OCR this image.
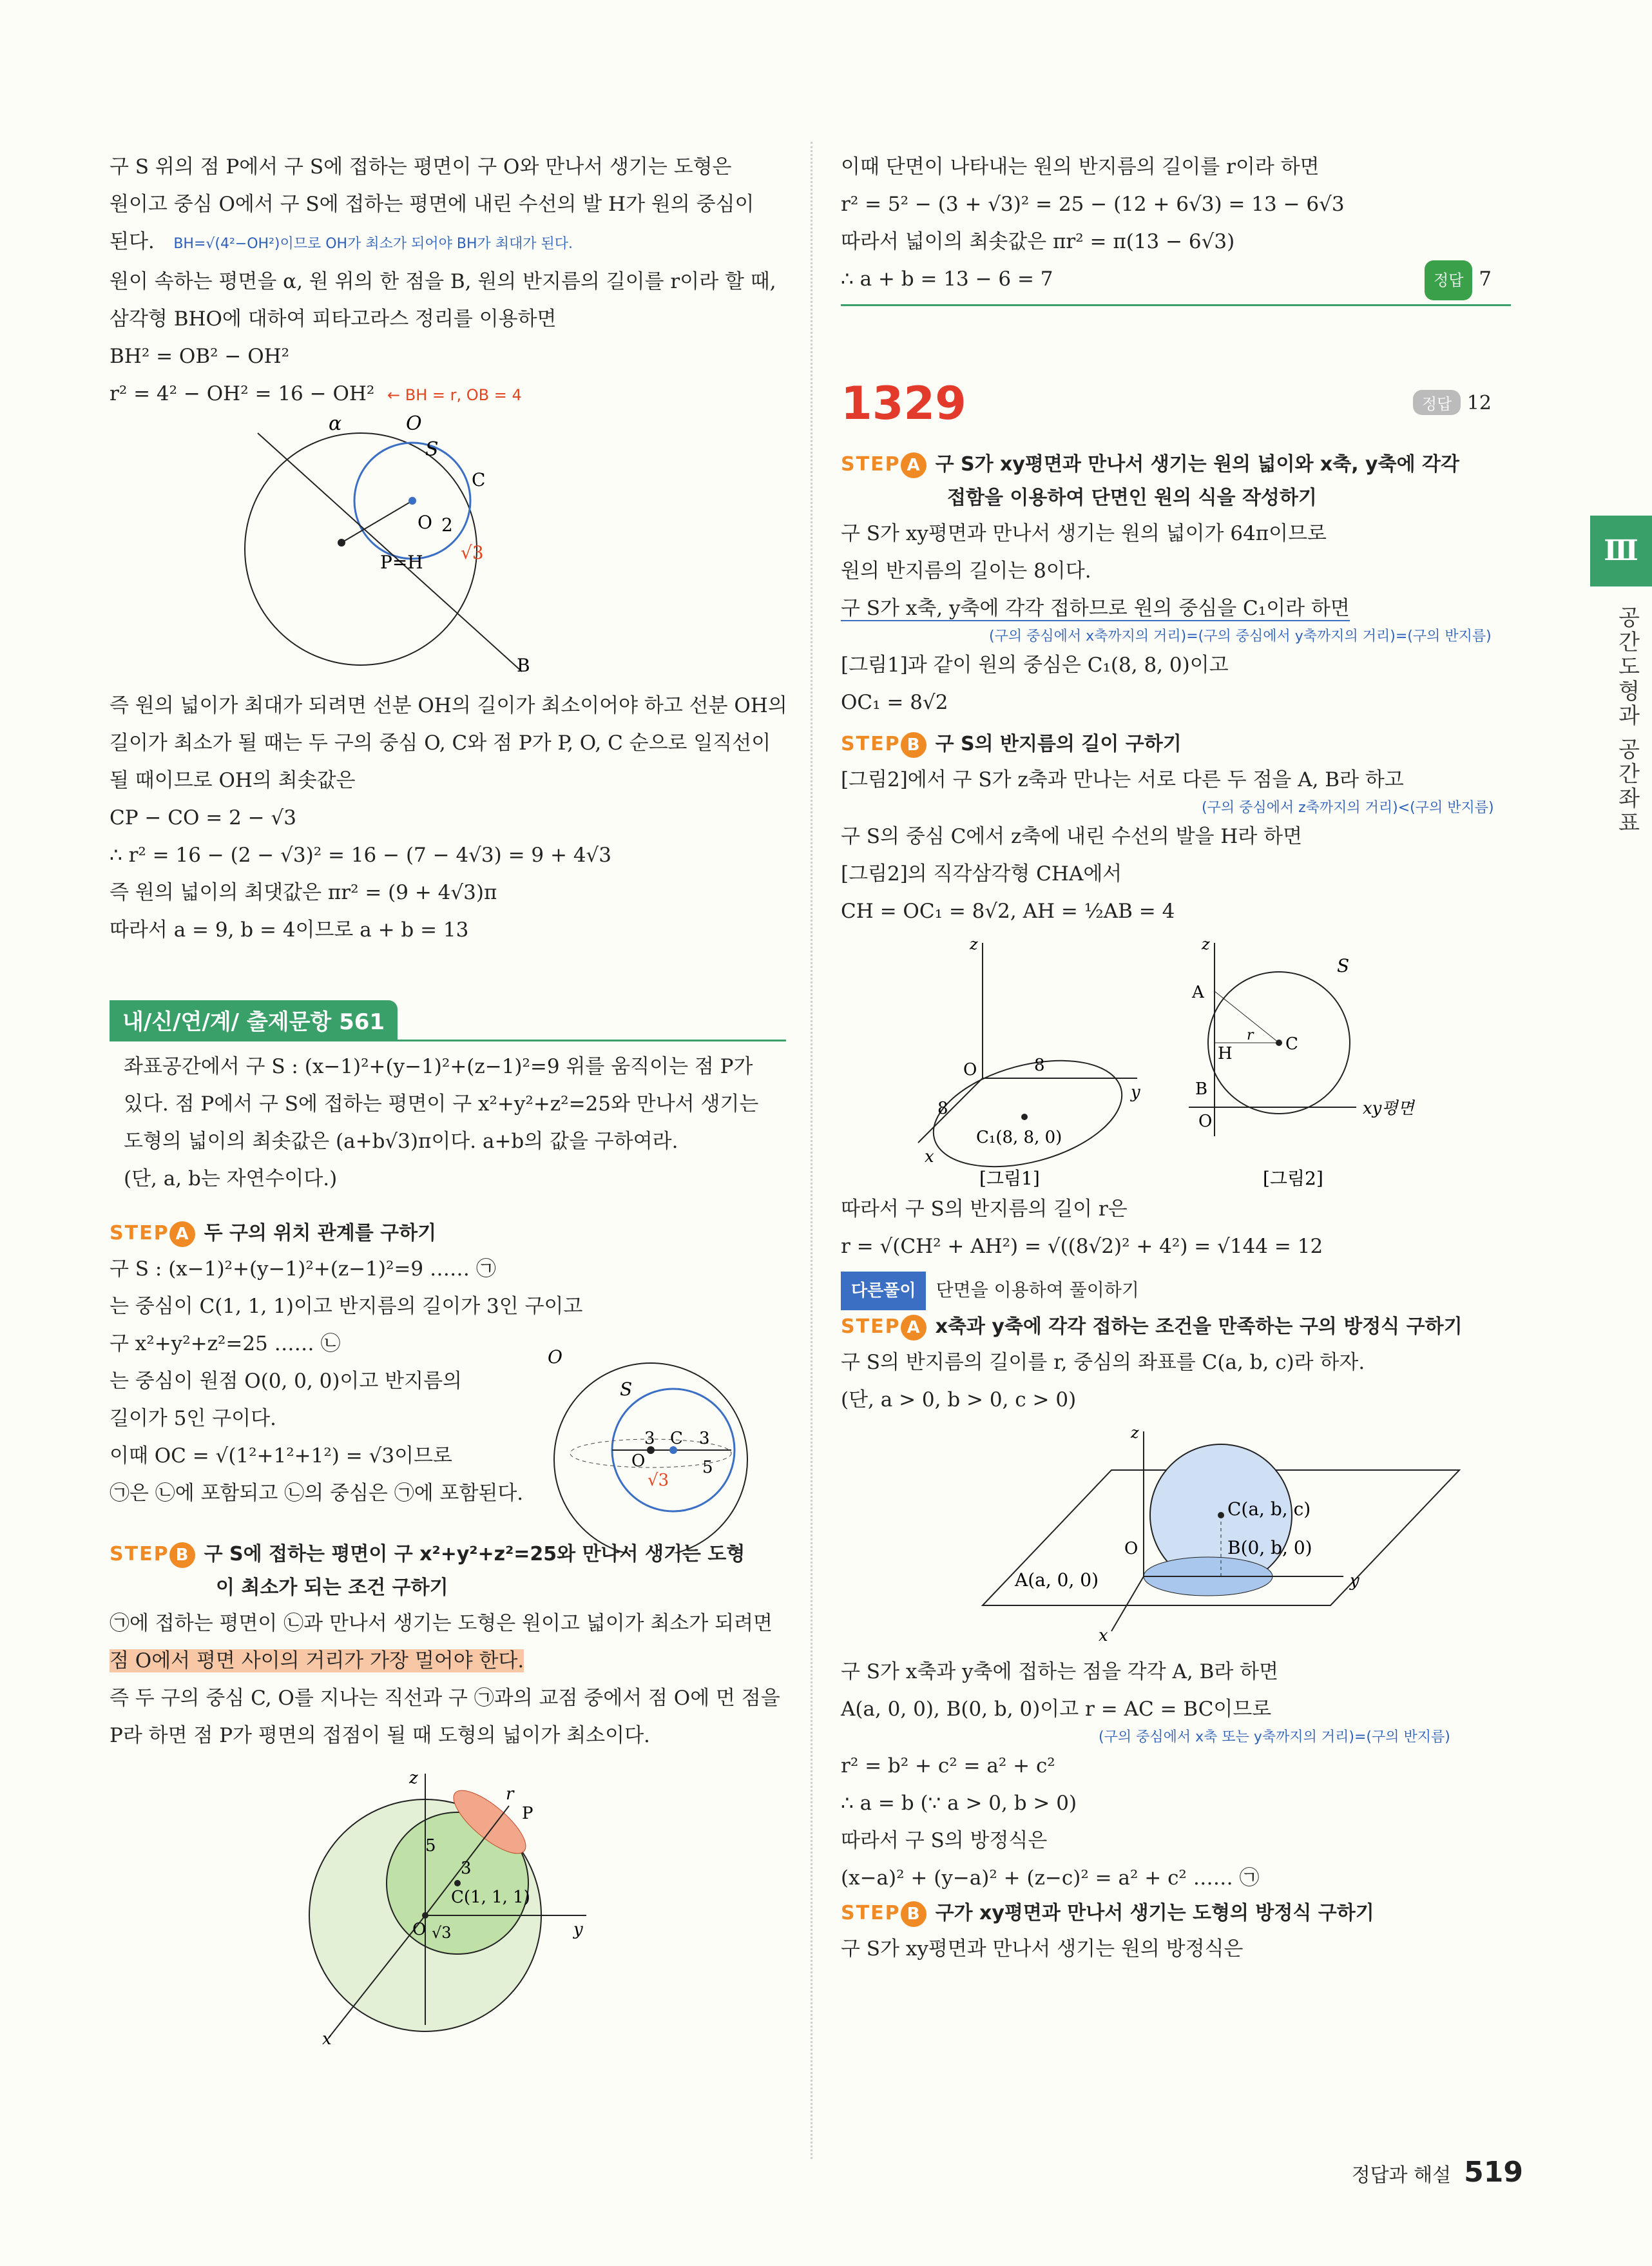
Ⅲ
공간도형과 공간좌표
구 S 위의 점 P에서 구 S에 접하는 평면이 구 O와 만나서 생기는 도형은
원이고 중심 O에서 구 S에 접하는 평면에 내린 수선의 발 H가 원의 중심이
된다. BH=√(4²−OH²)이므로 OH가 최소가 되어야 BH가 최대가 된다.
원이 속하는 평면을 α, 원 위의 한 점을 B, 원의 반지름의 길이를 r이라 할 때,
삼각형 BHO에 대하여 피타고라스 정리를 이용하면
BH² = OB² − OH²
r² = 4² − OH² = 16 − OH² ← BH = r, OB = 4
α	O
S
C
O 2
√3
P=H
B
즉 원의 넓이가 최대가 되려면 선분 OH의 길이가 최소이어야 하고 선분 OH의
길이가 최소가 될 때는 두 구의 중심 O, C와 점 P가 P, O, C 순으로 일직선이
될 때이므로 OH의 최솟값은
CP − CO = 2 − √3
∴ r² = 16 − (2 − √3)² = 16 − (7 − 4√3) = 9 + 4√3
즉 원의 넓이의 최댓값은 πr² = (9 + 4√3)π
따라서 a = 9, b = 4이므로 a + b = 13
내/신/연/계/ 출제문항 561
좌표공간에서 구 S : (x−1)²+(y−1)²+(z−1)²=9 위를 움직이는 점 P가
있다. 점 P에서 구 S에 접하는 평면이 구 x²+y²+z²=25와 만나서 생기는
도형의 넓이의 최솟값은 (a+b√3)π이다. a+b의 값을 구하여라.
(단, a, b는 자연수이다.)
STEP A 두 구의 위치 관계를 구하기
구 S : (x−1)²+(y−1)²+(z−1)²=9 …… ㉠
는 중심이 C(1, 1, 1)이고 반지름의 길이가 3인 구이고
구 x²+y²+z²=25 …… ㉡
는 중심이 원점 O(0, 0, 0)이고 반지름의
길이가 5인 구이다.
이때 OC = √(1²+1²+1²) = √3이므로
㉠은 ㉡에 포함되고 ㉡의 중심은 ㉠에 포함된다.
O
S
3 C 3
O	5
√3
STEP B 구 S에 접하는 평면이 구 x²+y²+z²=25와 만나서 생기는 도형
이 최소가 되는 조건 구하기
㉠에 접하는 평면이 ㉡과 만나서 생기는 도형은 원이고 넓이가 최소가 되려면
점 O에서 평면 사이의 거리가 가장 멀어야 한다.
즉 두 구의 중심 C, O를 지나는 직선과 구 ㉠과의 교점 중에서 점 O에 먼 점을
P라 하면 점 P가 평면의 접점이 될 때 도형의 넓이가 최소이다.
z
r
P
5
3
C(1, 1, 1)
O √3	y
x
이때 단면이 나타내는 원의 반지름의 길이를 r이라 하면
r² = 5² − (3 + √3)² = 25 − (12 + 6√3) = 13 − 6√3
따라서 넓이의 최솟값은 πr² = π(13 − 6√3)
∴ a + b = 13 − 6 = 7	정답 7
1329	정답 12
STEP A 구 S가 xy평면과 만나서 생기는 원의 넓이와 x축, y축에 각각
접함을 이용하여 단면인 원의 식을 작성하기
구 S가 xy평면과 만나서 생기는 원의 넓이가 64π이므로
원의 반지름의 길이는 8이다.
구 S가 x축, y축에 각각 접하므로 원의 중심을 C₁이라 하면
(구의 중심에서 x축까지의 거리)=(구의 중심에서 y축까지의 거리)=(구의 반지름)
[그림1]과 같이 원의 중심은 C₁(8, 8, 0)이고
OC₁ = 8√2
STEP B 구 S의 반지름의 길이 구하기
[그림2]에서 구 S가 z축과 만나는 서로 다른 두 점을 A, B라 하고
(구의 중심에서 z축까지의 거리)<(구의 반지름)
구 S의 중심 C에서 z축에 내린 수선의 발을 H라 하면
[그림2]의 직각삼각형 CHA에서
CH = OC₁ = 8√2, AH = ½AB = 4
z
O	8
y
8
C₁(8, 8, 0)
x
[그림1]
z
S
A
H	C
r
B
O
xy평면
[그림2]
따라서 구 S의 반지름의 길이 r은
r = √(CH² + AH²) = √((8√2)² + 4²) = √144 = 12
다른풀이 단면을 이용하여 풀이하기
STEP A x축과 y축에 각각 접하는 조건을 만족하는 구의 방정식 구하기
구 S의 반지름의 길이를 r, 중심의 좌표를 C(a, b, c)라 하자.
(단, a > 0, b > 0, c > 0)
z
C(a, b, c)
O	B(0, b, 0)
y
A(a, 0, 0)
x
구 S가 x축과 y축에 접하는 점을 각각 A, B라 하면
A(a, 0, 0), B(0, b, 0)이고 r = AC = BC이므로
(구의 중심에서 x축 또는 y축까지의 거리)=(구의 반지름)
r² = b² + c² = a² + c²
∴ a = b (∵ a > 0, b > 0)
따라서 구 S의 방정식은
(x−a)² + (y−a)² + (z−c)² = a² + c² …… ㉠
STEP B 구가 xy평면과 만나서 생기는 도형의 방정식 구하기
구 S가 xy평면과 만나서 생기는 원의 방정식은
정답과 해설 519
